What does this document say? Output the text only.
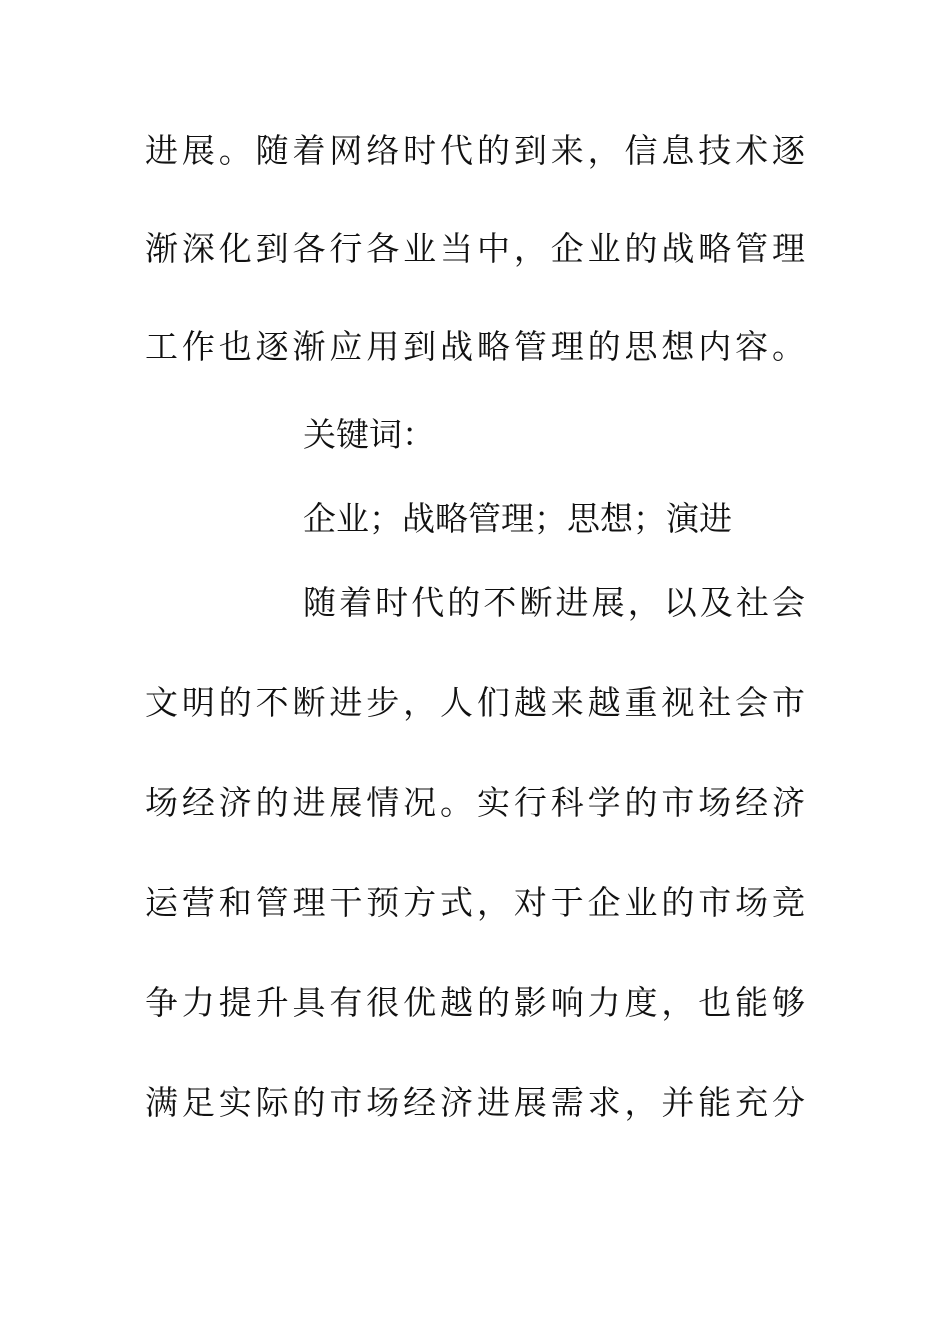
进展。随着网络时代的到来，信息技术逐
渐深化到各行各业当中，企业的战略管理
工作也逐渐应用到战略管理的思想内容。
关键词：
企业；战略管理；思想；演进
随着时代的不断进展，以及社会
文明的不断进步，人们越来越重视社会市
场经济的进展情况。实行科学的市场经济
运营和管理干预方式，对于企业的市场竞
争力提升具有很优越的影响力度，也能够
满足实际的市场经济进展需求，并能充分
